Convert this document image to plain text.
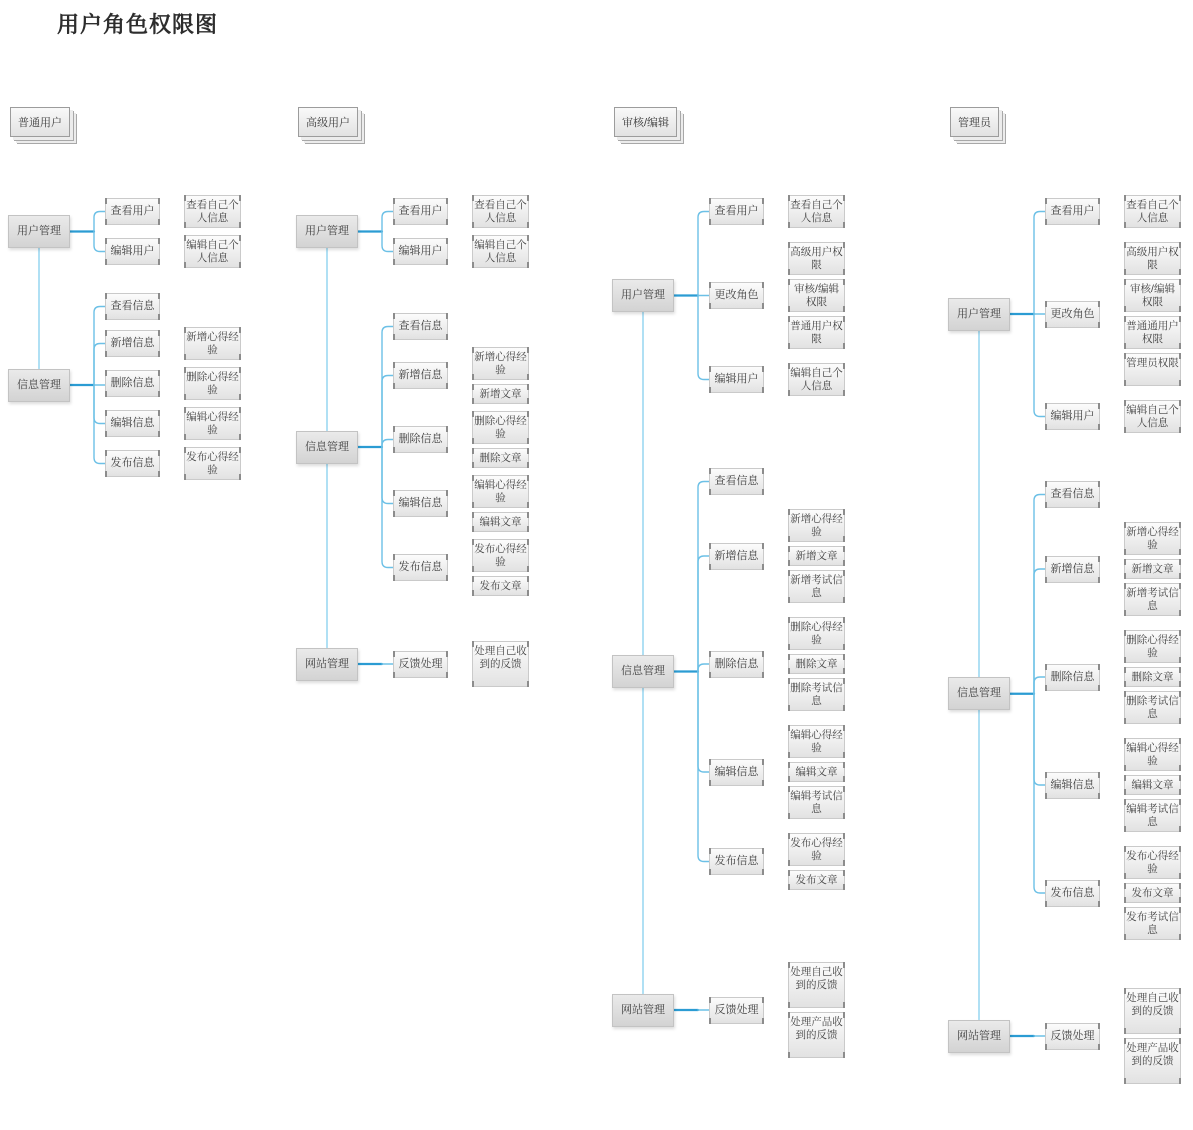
用户角色权限图
普通用户
查看用户	查看自己个人信息
编辑用户	编辑自己个人信息
用户管理
查看信息
新增信息	新增心得经验
删除信息	删除心得经验
编辑信息	编辑心得经验
发布信息	发布心得经验
信息管理
高级用户
查看用户	查看自己个人信息
编辑用户	编辑自己个人信息
用户管理
查看信息
新增信息
新增心得经验
新增文章
删除信息
删除心得经验
删除文章
编辑信息
编辑心得经验
编辑文章
发布信息
发布心得经验
发布文章
信息管理
反馈处理
处理自己收到的反馈
网站管理
审核/编辑
查看用户	查看自己个人信息
更改角色
高级用户权限
审核/编辑权限
普通用户权限
编辑用户	编辑自己个人信息
用户管理
查看信息
新增信息
新增心得经验
新增文章
新增考试信息
删除信息
删除心得经验
删除文章
删除考试信息
编辑信息
编辑心得经验
编辑文章
编辑考试信息
发布信息
发布心得经验
发布文章
信息管理
反馈处理
处理自己收到的反馈
处理产品收到的反馈
网站管理
管理员
查看用户	查看自己个人信息
更改角色
高级用户权限
审核/编辑权限
普通通用户权限
管理员权限
编辑用户	编辑自己个人信息
用户管理
查看信息
新增信息
新增心得经验
新增文章
新增考试信息
删除信息
删除心得经验
删除文章
删除考试信息
编辑信息
编辑心得经验
编辑文章
编辑考试信息
发布信息
发布心得经验
发布文章
发布考试信息
信息管理
反馈处理
处理自己收到的反馈
处理产品收到的反馈
网站管理
